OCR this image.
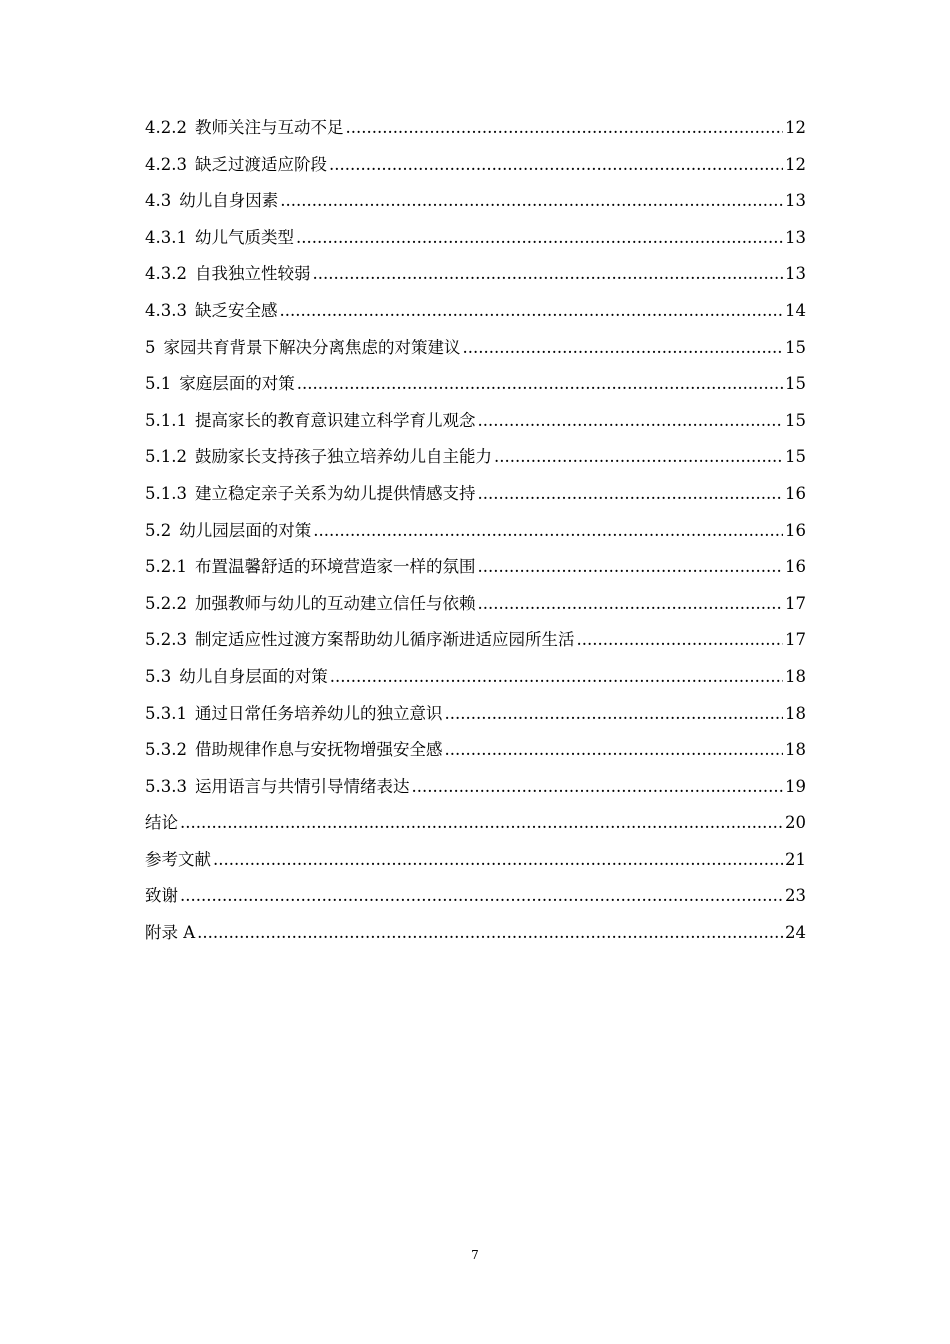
4.2.2 教师关注与互动不足 .....	12
4.2.3 缺乏过渡适应阶段 .....	12
4.3 幼儿自身因素 .....	13
4.3.1 幼儿气质类型 .....	13
4.3.2 自我独立性较弱 .....	13
4.3.3 缺乏安全感 .....	14
5 家园共育背景下解决分离焦虑的对策建议 .....	15
5.1 家庭层面的对策 .....	15
5.1.1 提高家长的教育意识建立科学育儿观念 .....	15
5.1.2 鼓励家长支持孩子独立培养幼儿自主能力 .....	15
5.1.3 建立稳定亲子关系为幼儿提供情感支持 .....	16
5.2 幼儿园层面的对策 .....	16
5.2.1 布置温馨舒适的环境营造家一样的氛围 .....	16
5.2.2 加强教师与幼儿的互动建立信任与依赖 .....	17
5.2.3 制定适应性过渡方案帮助幼儿循序渐进适应园所生活 .....	17
5.3 幼儿自身层面的对策 .....	18
5.3.1 通过日常任务培养幼儿的独立意识 .....	18
5.3.2 借助规律作息与安抚物增强安全感 .....	18
5.3.3 运用语言与共情引导情绪表达 .....	19
结论 .....	20
参考文献 .....	21
致谢 .....	23
附录 A .....	24
7
